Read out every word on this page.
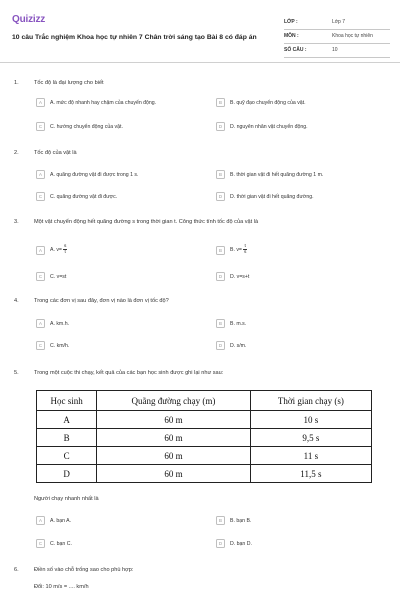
Quizizz
10 câu Trắc nghiệm Khoa học tự nhiên 7 Chân trời sáng tạo Bài 8 có đáp án
LỚP :	Lớp 7
MÔN :	Khoa học tự nhiên
SỐ CÂU :	10
1.	Tốc độ là đại lượng cho biết
A	A. mức độ nhanh hay chậm của chuyển động.	B	B. quỹ đạo chuyển động của vật.
C	C. hướng chuyển động của vật.	D	D. nguyên nhân vật chuyển động.
2.	Tốc độ của vật là
A	A. quãng đường vật đi được trong 1 s.	B	B. thời gian vật đi hết quãng đường 1 m.
C	C. quãng đường vật đi được.	D	D. thời gian vật đi hết quãng đường.
3.	Một vật chuyển động hết quãng đường s trong thời gian t. Công thức tính tốc độ của vật là
A	A. $v= \frac{s}{t}$	B	B. $v= \frac{t}{s}$
C	C. v=st	D	D. v=s+t
4.	Trong các đơn vị sau đây, đơn vị nào là đơn vị tốc độ?
A	A. km.h.	B	B. m.s.
C	C. km/h.	D	D. s/m.
5.	Trong một cuộc thi chạy, kết quả của các bạn học sinh được ghi lại như sau:
Học sinh	Quãng đường chạy (m)	Thời gian chạy (s)
A	60 m	10 s
B	60 m	9,5 s
C	60 m	11 s
D	60 m	11,5 s
Người chạy nhanh nhất là
A	A. bạn A.	B	B. bạn B.
C	C. bạn C.	D	D. bạn D.
6.	Điền số vào chỗ trống sao cho phù hợp:
Đổi: 10 m/s = .... km/h
